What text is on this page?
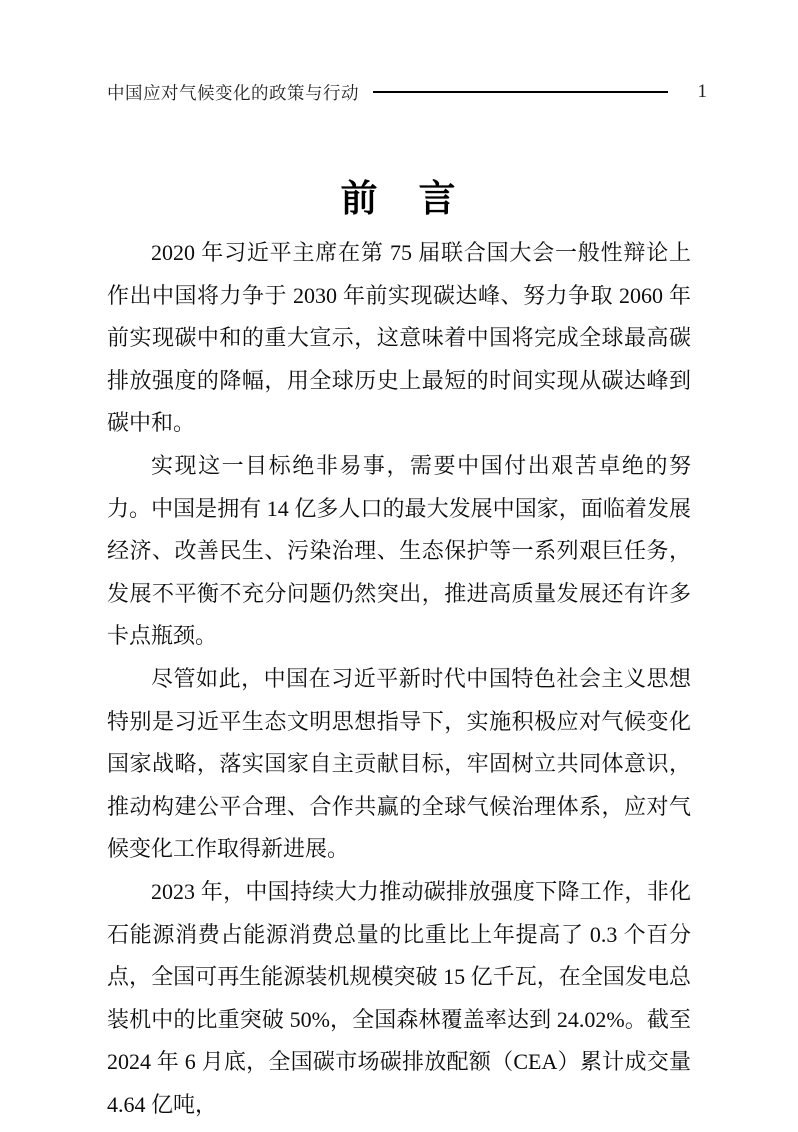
中国应对气候变化的政策与行动	1
前　言

2020 年习近平主席在第 75 届联合国大会一般性辩论上作出中国将力争于 2030 年前实现碳达峰、努力争取 2060 年前实现碳中和的重大宣示，这意味着中国将完成全球最高碳排放强度的降幅，用全球历史上最短的时间实现从碳达峰到碳中和。

实现这一目标绝非易事，需要中国付出艰苦卓绝的努力。中国是拥有 14 亿多人口的最大发展中国家，面临着发展经济、改善民生、污染治理、生态保护等一系列艰巨任务，发展不平衡不充分问题仍然突出，推进高质量发展还有许多卡点瓶颈。

尽管如此，中国在习近平新时代中国特色社会主义思想特别是习近平生态文明思想指导下，实施积极应对气候变化国家战略，落实国家自主贡献目标，牢固树立共同体意识，推动构建公平合理、合作共赢的全球气候治理体系，应对气候变化工作取得新进展。

2023 年，中国持续大力推动碳排放强度下降工作，非化石能源消费占能源消费总量的比重比上年提高了 0.3 个百分点，全国可再生能源装机规模突破 15 亿千瓦，在全国发电总装机中的比重突破 50%，全国森林覆盖率达到 24.02%。截至 2024 年 6 月底，全国碳市场碳排放配额（CEA）累计成交量 4.64 亿吨，
